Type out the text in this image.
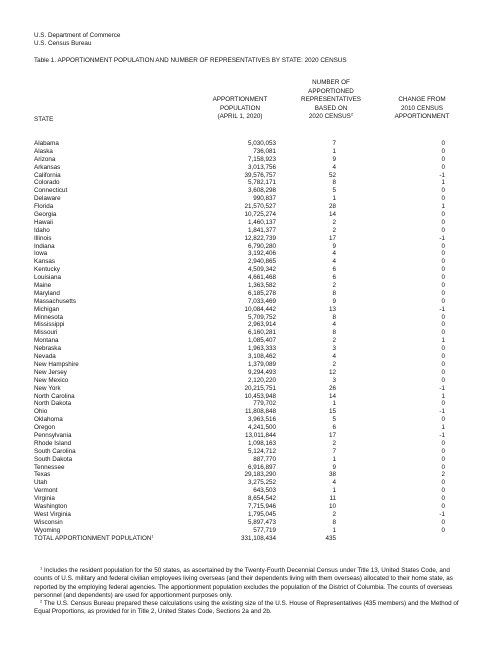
U.S. Department of Commerce
U.S. Census Bureau
Table 1. APPORTIONMENT POPULATION AND NUMBER OF REPRESENTATIVES BY STATE: 2020 CENSUS
STATE
APPORTIONMENT
POPULATION
(APRIL 1, 2020)
NUMBER OF
APPORTIONED
REPRESENTATIVES
BASED ON
2020 CENSUS$^2$
CHANGE FROM
2010 CENSUS
APPORTIONMENT
Alabama	5,030,053	7	0
Alaska	736,081	1	0
Arizona	7,158,923	9	0
Arkansas	3,013,756	4	0
California	39,576,757	52	-1
Colorado	5,782,171	8	1
Connecticut	3,608,298	5	0
Delaware	990,837	1	0
Florida	21,570,527	28	1
Georgia	10,725,274	14	0
Hawaii	1,460,137	2	0
Idaho	1,841,377	2	0
Illinois	12,822,739	17	-1
Indiana	6,790,280	9	0
Iowa	3,192,406	4	0
Kansas	2,940,865	4	0
Kentucky	4,509,342	6	0
Louisiana	4,661,468	6	0
Maine	1,363,582	2	0
Maryland	6,185,278	8	0
Massachusetts	7,033,469	9	0
Michigan	10,084,442	13	-1
Minnesota	5,709,752	8	0
Mississippi	2,963,914	4	0
Missouri	6,160,281	8	0
Montana	1,085,407	2	1
Nebraska	1,963,333	3	0
Nevada	3,108,462	4	0
New Hampshire	1,379,089	2	0
New Jersey	9,294,493	12	0
New Mexico	2,120,220	3	0
New York	20,215,751	26	-1
North Carolina	10,453,948	14	1
North Dakota	779,702	1	0
Ohio	11,808,848	15	-1
Oklahoma	3,963,516	5	0
Oregon	4,241,500	6	1
Pennsylvania	13,011,844	17	-1
Rhode Island	1,098,163	2	0
South Carolina	5,124,712	7	0
South Dakota	887,770	1	0
Tennessee	6,916,897	9	0
Texas	29,183,290	38	2
Utah	3,275,252	4	0
Vermont	643,503	1	0
Virginia	8,654,542	11	0
Washington	7,715,946	10	0
West Virginia	1,795,045	2	-1
Wisconsin	5,897,473	8	0
Wyoming	577,719	1	0
TOTAL APPORTIONMENT POPULATION$^1$	331,108,434	435

$^1$ Includes the resident population for the 50 states, as ascertained by the Twenty-Fourth Decennial Census under Title 13, United States Code, and counts of U.S. military and federal civilian employees living overseas (and their dependents living with them overseas) allocated to their home state, as reported by the employing federal agencies. The apportionment population excludes the population of the District of Columbia. The counts of overseas personnel (and dependents) are used for apportionment purposes only.

$^2$ The U.S. Census Bureau prepared these calculations using the existing size of the U.S. House of Representatives (435 members) and the Method of Equal Proportions, as provided for in Title 2, United States Code, Sections 2a and 2b.
